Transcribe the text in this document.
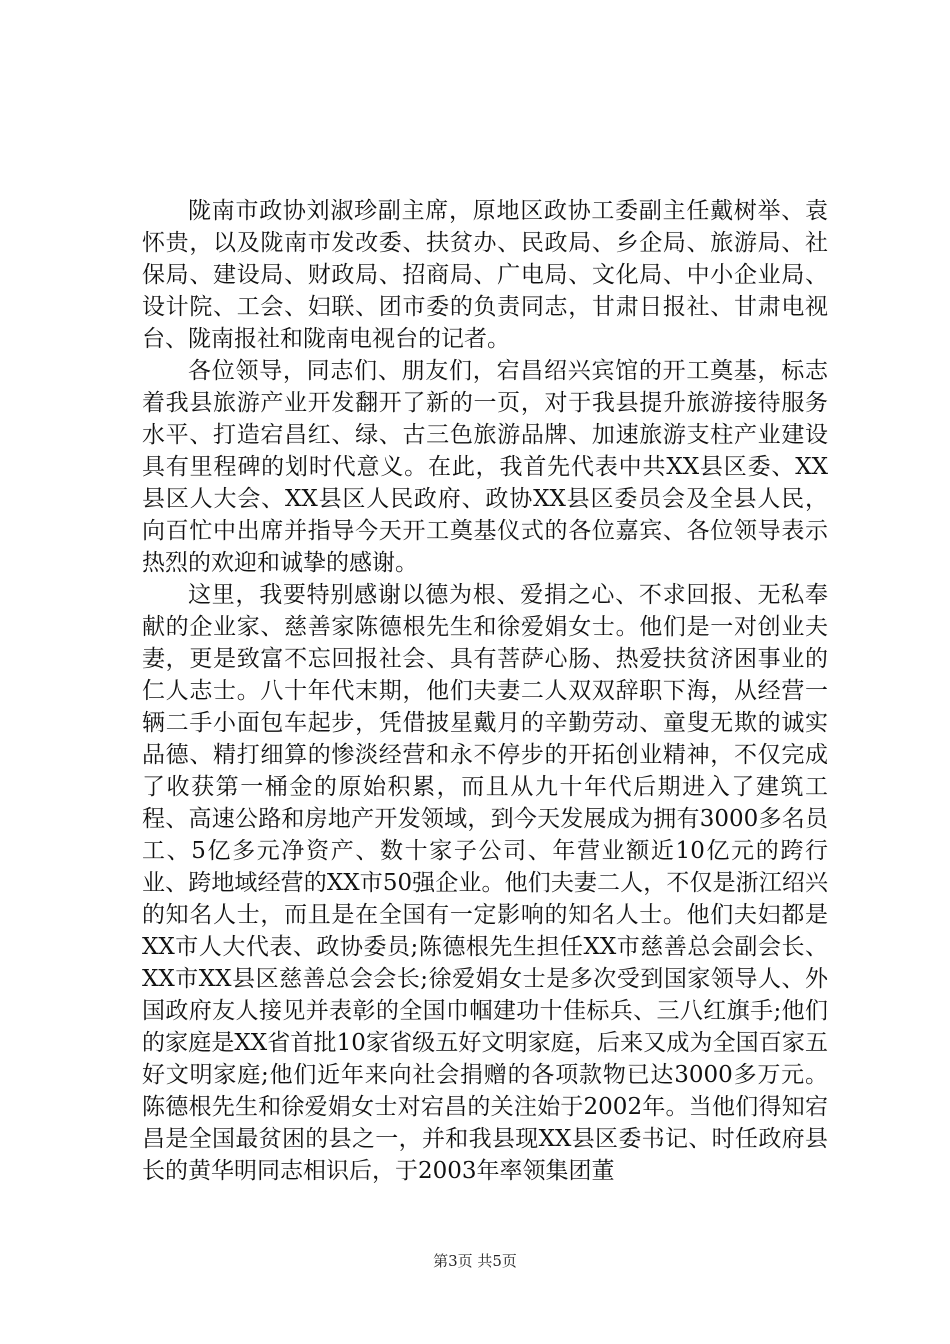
陇南市政协刘淑珍副主席，原地区政协工委副主任戴树举、袁怀贵，以及陇南市发改委、扶贫办、民政局、乡企局、旅游局、社保局、建设局、财政局、招商局、广电局、文化局、中小企业局、设计院、工会、妇联、团市委的负责同志，甘肃日报社、甘肃电视台、陇南报社和陇南电视台的记者。

各位领导，同志们、朋友们，宕昌绍兴宾馆的开工奠基，标志着我县旅游产业开发翻开了新的一页，对于我县提升旅游接待服务水平、打造宕昌红、绿、古三色旅游品牌、加速旅游支柱产业建设具有里程碑的划时代意义。在此，我首先代表中共XX县区委、XX县区人大会、XX县区人民政府、政协XX县区委员会及全县人民，向百忙中出席并指导今天开工奠基仪式的各位嘉宾、各位领导表示热烈的欢迎和诚挚的感谢。

这里，我要特别感谢以德为根、爱捐之心、不求回报、无私奉献的企业家、慈善家陈德根先生和徐爱娟女士。他们是一对创业夫妻，更是致富不忘回报社会、具有菩萨心肠、热爱扶贫济困事业的仁人志士。八十年代末期，他们夫妻二人双双辞职下海，从经营一辆二手小面包车起步，凭借披星戴月的辛勤劳动、童叟无欺的诚实品德、精打细算的惨淡经营和永不停步的开拓创业精神，不仅完成了收获第一桶金的原始积累，而且从九十年代后期进入了建筑工程、高速公路和房地产开发领域，到今天发展成为拥有3000多名员工、5亿多元净资产、数十家子公司、年营业额近10亿元的跨行业、跨地域经营的XX市50强企业。他们夫妻二人，不仅是浙江绍兴的知名人士，而且是在全国有一定影响的知名人士。他们夫妇都是XX市人大代表、政协委员;陈德根先生担任XX市慈善总会副会长、XX市XX县区慈善总会会长;徐爱娟女士是多次受到国家领导人、外国政府友人接见并表彰的全国巾帼建功十佳标兵、三八红旗手;他们的家庭是XX省首批10家省级五好文明家庭，后来又成为全国百家五好文明家庭;他们近年来向社会捐赠的各项款物已达3000多万元。陈德根先生和徐爱娟女士对宕昌的关注始于2002年。当他们得知宕昌是全国最贫困的县之一，并和我县现XX县区委书记、时任政府县长的黄华明同志相识后，于2003年率领集团董

第3页 共5页
